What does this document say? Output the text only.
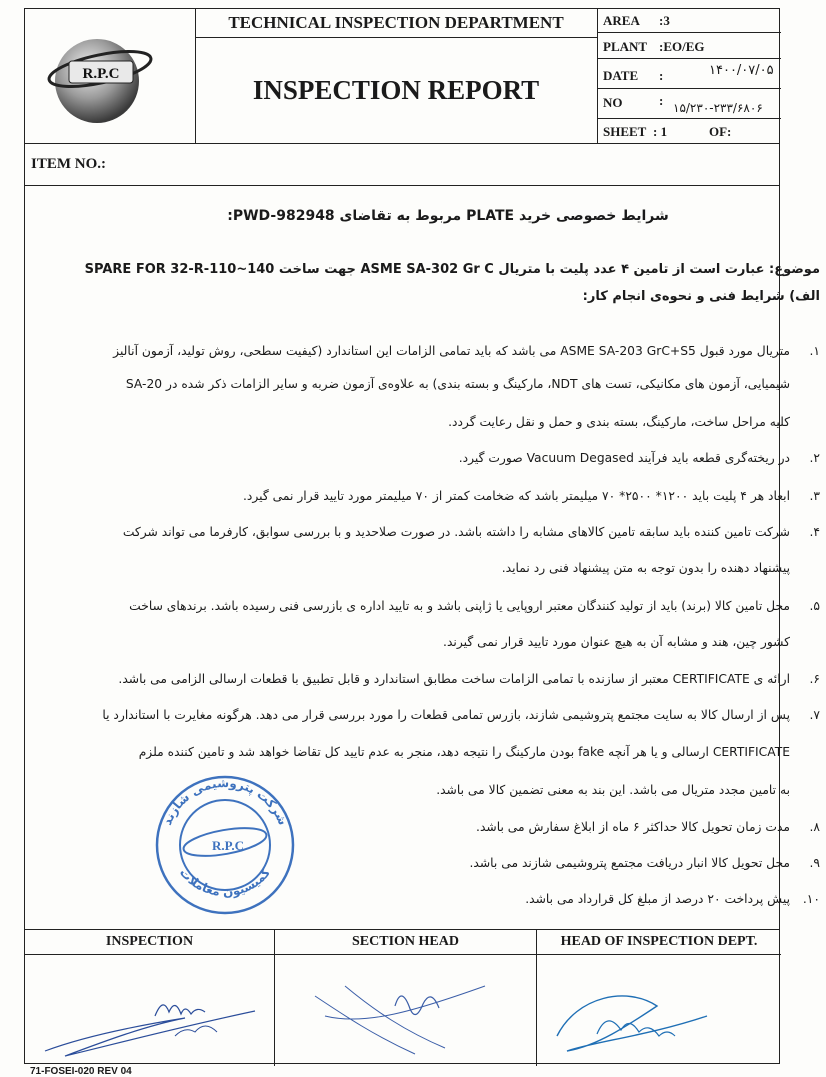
R.P.C
TECHNICAL INSPECTION DEPARTMENT
INSPECTION REPORT
AREA :3
PLANT :EO/EG
DATE :	۱۴۰۰/۰۷/۰۵
NO	: ۱۵/۲۳۰-۲۳۳/۶۸۰۶
SHEET : 1	OF:
ITEM NO.:
INSPECTION	SECTION HEAD	HEAD OF INSPECTION DEPT.
شرایط خصوصی خرید PLATE مربوط به تقاضای PWD-982948:
موضوع: عبارت است از تامین ۴ عدد پلیت با متریال ASME SA-302 Gr C جهت ساخت SPARE FOR 32-R-110~140
الف) شرایط فنی و نحوه‌ی انجام کار:
۱.متریال مورد قبول ASME SA-203 GrC+S5 می باشد که باید تمامی الزامات این استاندارد (کیفیت سطحی، روش تولید، آزمون آنالیز
شیمیایی، آزمون های مکانیکی، تست های NDT، مارکینگ و بسته بندی) به علاوه‌ی آزمون ضربه و سایر الزامات ذکر شده در SA-20
کلیه مراحل ساخت، مارکینگ، بسته بندی و حمل و نقل رعایت گردد.
۲.در ریخته‌گری قطعه باید فرآیند Vacuum Degased صورت گیرد.
۳.ابعاد هر ۴ پلیت باید ۱۲۰۰* ۲۵۰۰* ۷۰ میلیمتر باشد که ضخامت کمتر از ۷۰ میلیمتر مورد تایید قرار نمی گیرد.
۴.شرکت تامین کننده باید سابقه تامین کالاهای مشابه را داشته باشد. در صورت صلاحدید و با بررسی سوابق، کارفرما می تواند شرکت
پیشنهاد دهنده را بدون توجه به متن پیشنهاد فنی رد نماید.
۵.محل تامین کالا (برند) باید از تولید کنندگان معتبر اروپایی یا ژاپنی باشد و به تایید اداره ی بازرسی فنی رسیده باشد. برندهای ساخت
کشور چین، هند و مشابه آن به هیچ عنوان مورد تایید قرار نمی گیرند.
۶.ارائه ی CERTIFICATE معتبر از سازنده با تمامی الزامات ساخت مطابق استاندارد و قابل تطبیق با قطعات ارسالی الزامی می باشد.
۷.پس از ارسال کالا به سایت مجتمع پتروشیمی شازند، بازرس تمامی قطعات را مورد بررسی قرار می دهد. هرگونه مغایرت با استاندارد یا
CERTIFICATE ارسالی و یا هر آنچه fake بودن مارکینگ را نتیجه دهد، منجر به عدم تایید کل تقاضا خواهد شد و تامین کننده ملزم
به تامین مجدد متریال می باشد. این بند به معنی تضمین کالا می باشد.
۸.مدت زمان تحویل کالا حداکثر ۶ ماه از ابلاغ سفارش می باشد.
۹.محل تحویل کالا انبار دریافت مجتمع پتروشیمی شازند می باشد.
۱۰.پیش پرداخت ۲۰ درصد از مبلغ کل قرارداد می باشد.
R.P.C
شرکت پتروشیمی شازند
کمیسیون معاملات
71-FOSEI-020 REV 04
